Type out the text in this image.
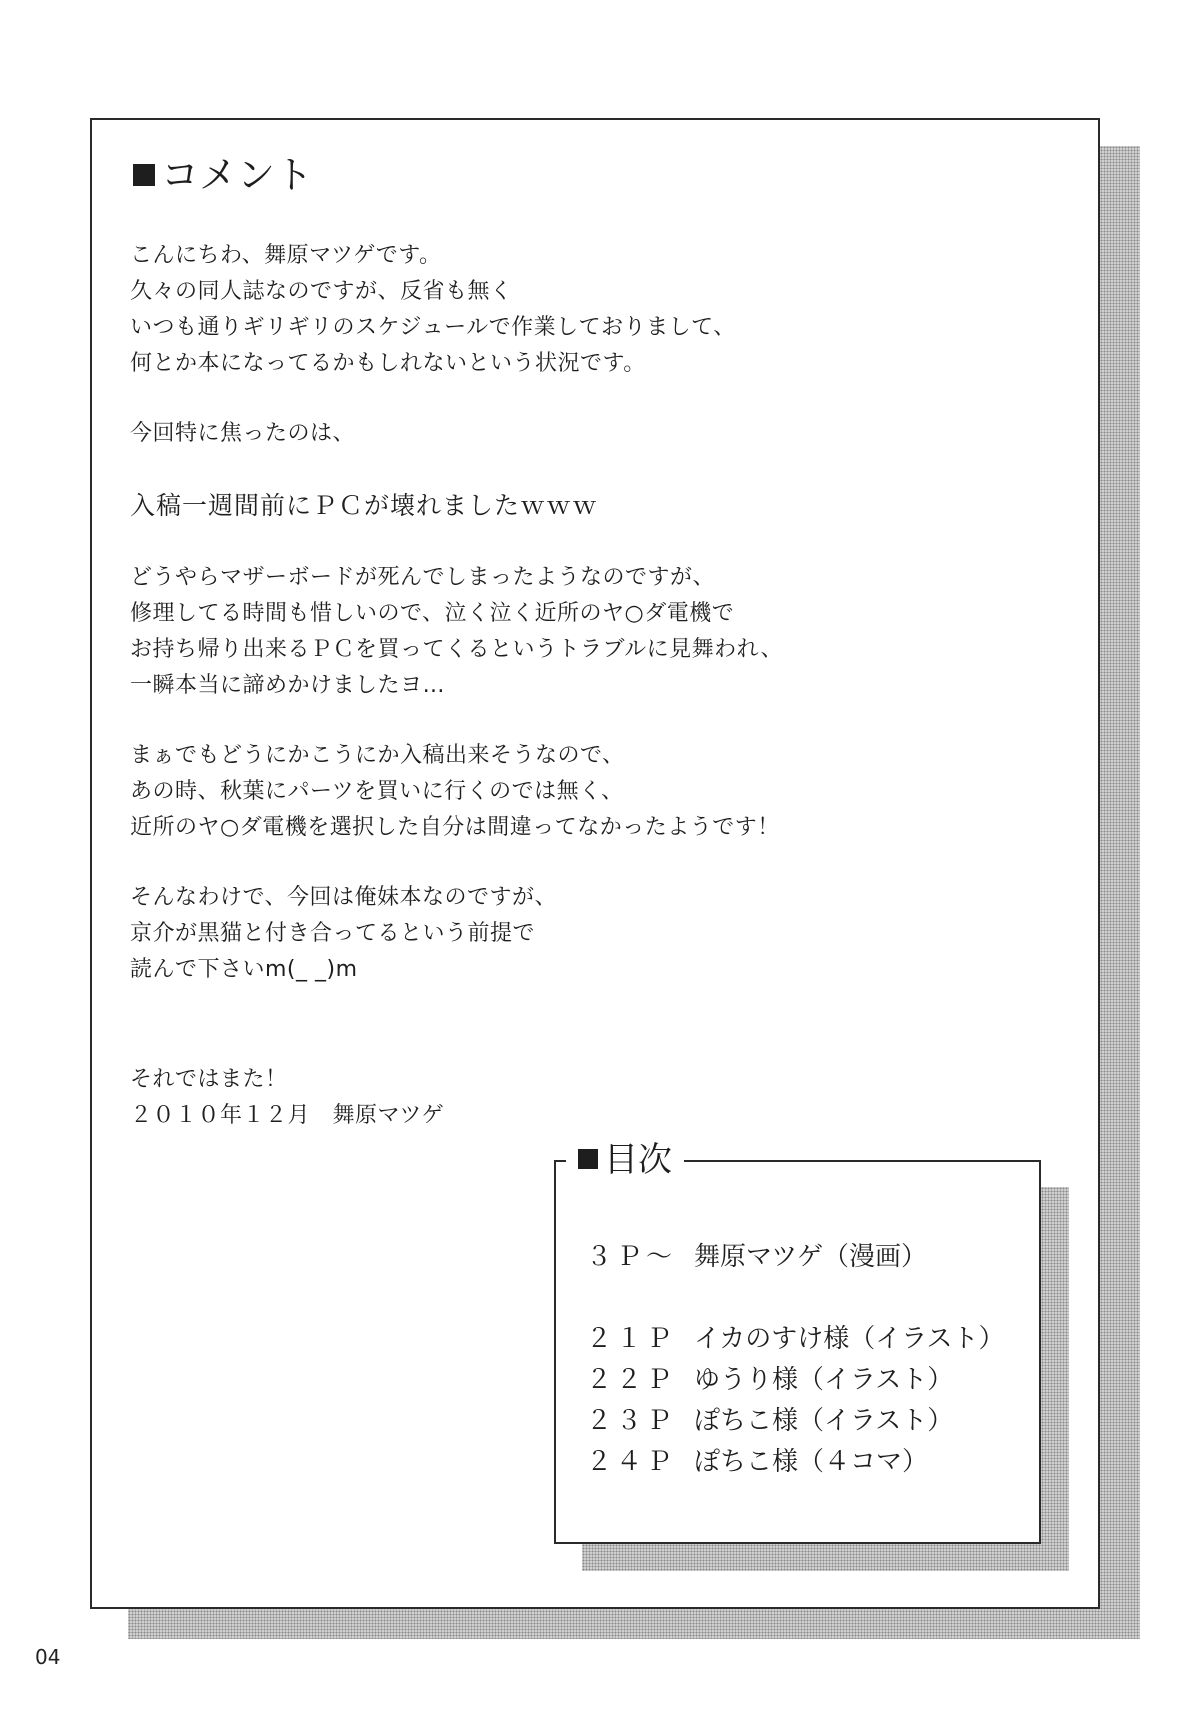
コメント
こんにちわ、舞原マツゲです。
久々の同人誌なのですが、反省も無く
いつも通りギリギリのスケジュールで作業しておりまして、
何とか本になってるかもしれないという状況です。
今回特に焦ったのは、
入稿一週間前にＰＣが壊れましたｗｗｗ
どうやらマザーボードが死んでしまったようなのですが、
修理してる時間も惜しいので、泣く泣く近所のヤ○ダ電機で
お持ち帰り出来るＰＣを買ってくるというトラブルに見舞われ、
一瞬本当に諦めかけましたヨ…
まぁでもどうにかこうにか入稿出来そうなので、
あの時、秋葉にパーツを買いに行くのでは無く、
近所のヤ○ダ電機を選択した自分は間違ってなかったようです！
そんなわけで、今回は俺妹本なのですが、
京介が黒猫と付き合ってるという前提で
読んで下さいm(_ _)m
それではまた！
２０１０年１２月　舞原マツゲ
目次
３Ｐ～ 舞原マツゲ（漫画）
２１Ｐ イカのすけ様（イラスト）
２２Ｐ ゆうり様（イラスト）
２３Ｐ ぽちこ様（イラスト）
２４Ｐ ぽちこ様（４コマ）
04
